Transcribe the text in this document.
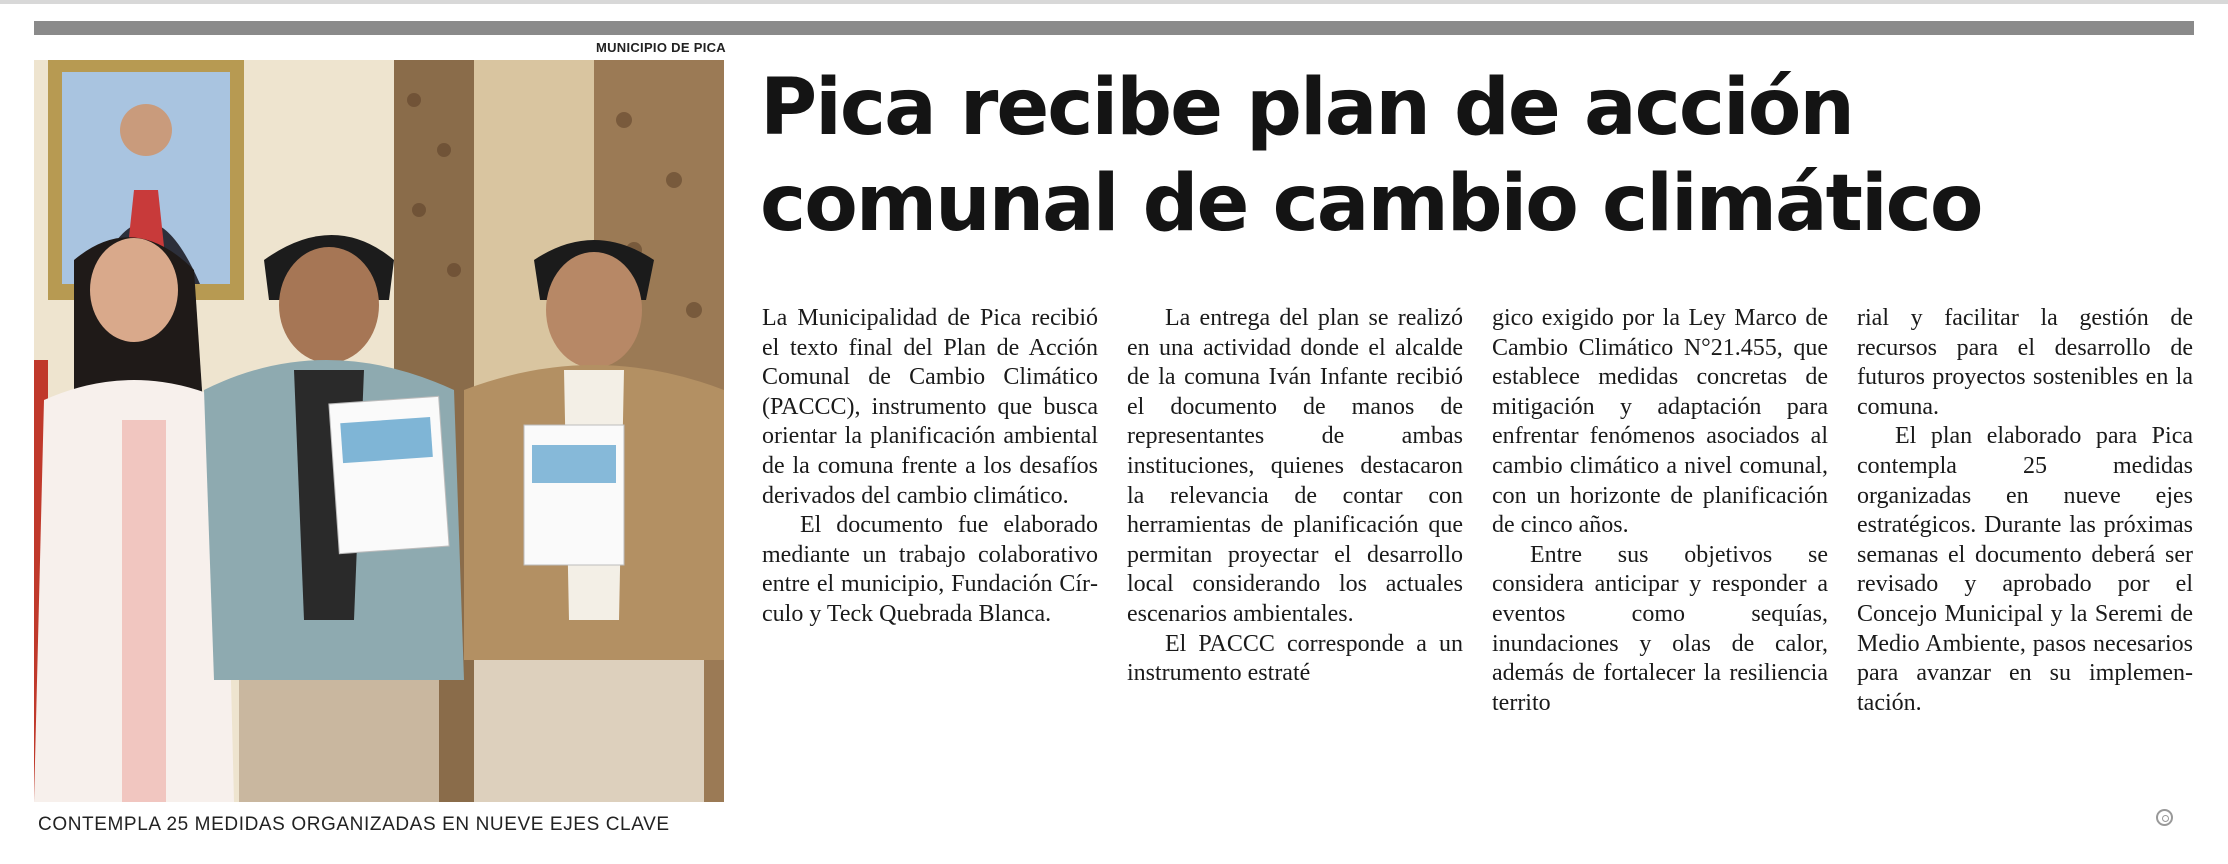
MUNICIPIO DE PICA
CONTEMPLA 25 MEDIDAS ORGANIZADAS EN NUEVE EJES CLAVE
Pica recibe plan de acción
comunal de cambio climático

La Municipalidad de Pica recibió el texto final del Plan de Acción Comunal de Cambio Climático (PACCC), instrumento que busca orientar la planificación ambiental de la comuna frente a los desafíos derivados del cambio climático.

El documento fue elaborado mediante un trabajo colaborativo entre el municipio, Fundación Círculo y Teck Quebrada Blanca.

La entrega del plan se realizó en una actividad donde el alcalde de la comuna Iván Infante recibió el documento de manos de representantes de ambas instituciones, quienes destacaron la relevancia de contar con herramientas de planificación que permitan proyectar el desarrollo local considerando los actuales escenarios ambientales.

El PACCC corresponde a un instrumento estraté

gico exigido por la Ley Marco de Cambio Climático N°21.455, que establece medidas concretas de mitigación y adaptación para enfrentar fenómenos asociados al cambio climático a nivel comunal, con un horizonte de planificación de cinco años.

Entre sus objetivos se considera anticipar y responder a eventos como sequías, inundaciones y olas de calor, además de fortalecer la resiliencia territo

rial y facilitar la gestión de recursos para el desarrollo de futuros proyectos sostenibles en la comuna.

El plan elaborado para Pica contempla 25 medidas organizadas en nueve ejes estratégicos. Durante las próximas semanas el documento deberá ser revisado y aprobado por el Concejo Municipal y la Seremi de Medio Ambiente, pasos necesarios para avanzar en su implementación.
